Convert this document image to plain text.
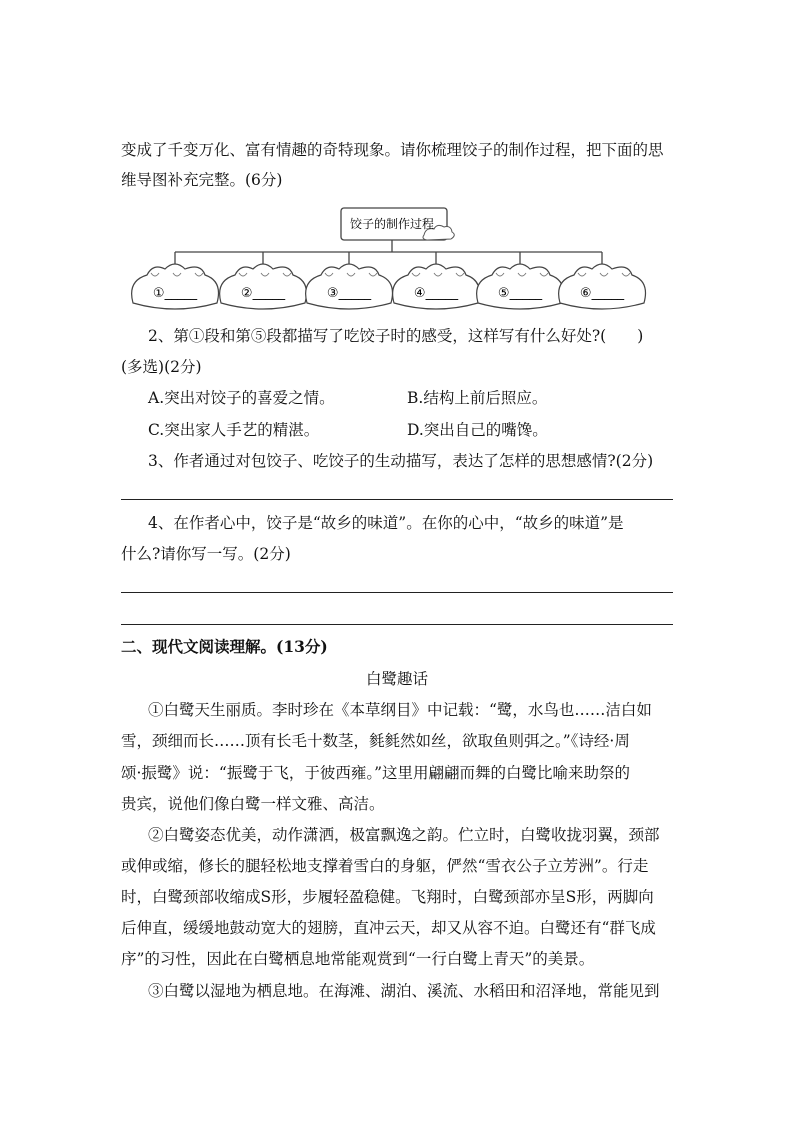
变成了千变万化、富有情趣的奇特现象。请你梳理饺子的制作过程，把下面的思
维导图补充完整。(6分)
饺子的制作过程
①_____	②_____	③_____	④_____	⑤_____	⑥_____
2、第①段和第⑤段都描写了吃饺子时的感受，这样写有什么好处?(　　)
(多选)(2分)
A.突出对饺子的喜爱之情。	B.结构上前后照应。
C.突出家人手艺的精湛。	D.突出自己的嘴馋。
3、作者通过对包饺子、吃饺子的生动描写，表达了怎样的思想感情?(2分)
4、在作者心中，饺子是“故乡的味道”。在你的心中，“故乡的味道”是
什么?请你写一写。(2分)
二、现代文阅读理解。(13分)
白鹭趣话
①白鹭天生丽质。李时珍在《本草纲目》中记载：“鹭，水鸟也……洁白如
雪，颈细而长……顶有长毛十数茎，毵毵然如丝，欲取鱼则弭之。”《诗经·周
颂·振鹭》说：“振鹭于飞，于彼西雍。”这里用翩翩而舞的白鹭比喻来助祭的
贵宾，说他们像白鹭一样文雅、高洁。
②白鹭姿态优美，动作潇洒，极富飘逸之韵。伫立时，白鹭收拢羽翼，颈部
或伸或缩，修长的腿轻松地支撑着雪白的身躯，俨然“雪衣公子立芳洲”。行走
时，白鹭颈部收缩成S形，步履轻盈稳健。飞翔时，白鹭颈部亦呈S形，两脚向
后伸直，缓缓地鼓动宽大的翅膀，直冲云天，却又从容不迫。白鹭还有“群飞成
序”的习性，因此在白鹭栖息地常能观赏到“一行白鹭上青天”的美景。
③白鹭以湿地为栖息地。在海滩、湖泊、溪流、水稻田和沼泽地，常能见到
